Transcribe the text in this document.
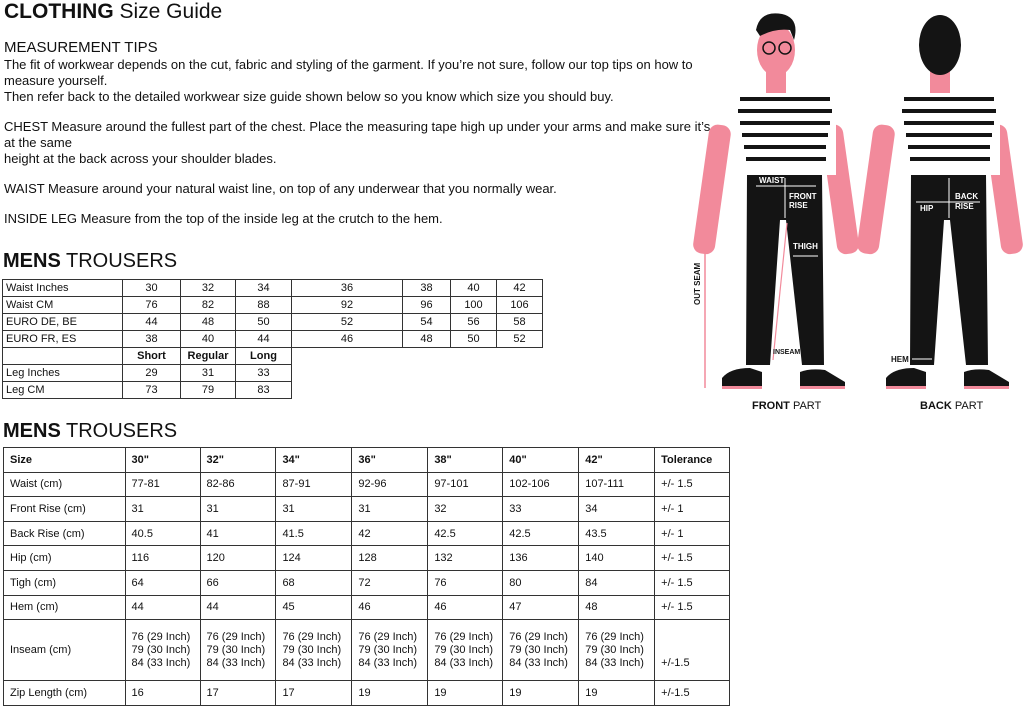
CLOTHING Size Guide
MEASUREMENT TIPS

The fit of workwear depends on the cut, fabric and styling of the garment. If you’re not sure, follow our top tips on how to measure yourself.

Then refer back to the detailed workwear size guide shown below so you know which size you should buy.

CHEST Measure around the fullest part of the chest. Place the measuring tape high up under your arms and make sure it’s at the same

height at the back across your shoulder blades.

WAIST Measure around your natural waist line, on top of any underwear that you normally wear.

INSIDE LEG Measure from the top of the inside leg at the crutch to the hem.

MENS TROUSERS
Waist Inches	30	32	34	36	38	40	42
Waist CM	76	82	88	92	96	100	106
EURO DE, BE	44	48	50	52	54	56	58
EURO FR, ES	38	40	44	46	48	50	52
	Short	Regular	Long				
Leg Inches	29	31	33				
Leg CM	73	79	83				
MENS TROUSERS
Size	30"	32"	34"	36"	38"	40"	42"	Tolerance
Waist (cm)	77-81	82-86	87-91	92-96	97-101	102-106	107-111	+/- 1.5
Front Rise (cm)	31	31	31	31	32	33	34	+/- 1
Back Rise (cm)	40.5	41	41.5	42	42.5	42.5	43.5	+/- 1
Hip (cm)	116	120	124	128	132	136	140	+/- 1.5
Tigh (cm)	64	66	68	72	76	80	84	+/- 1.5
Hem (cm)	44	44	45	46	46	47	48	+/- 1.5
Inseam (cm)	76 (29 Inch)
79 (30 Inch)
84 (33 Inch)	76 (29 Inch)
79 (30 Inch)
84 (33 Inch)	76 (29 Inch)
79 (30 Inch)
84 (33 Inch)	76 (29 Inch)
79 (30 Inch)
84 (33 Inch)	76 (29 Inch)
79 (30 Inch)
84 (33 Inch)	76 (29 Inch)
79 (30 Inch)
84 (33 Inch)	76 (29 Inch)
79 (30 Inch)
84 (33 Inch)	+/-1.5
Zip Length (cm)	16	17	17	19	19	19	19	+/-1.5
WAIST
FRONT
RISE
THIGH
INSEAM
OUT SEAM
HIP
BACK
RISE
HEM
FRONT PART	BACK PART
